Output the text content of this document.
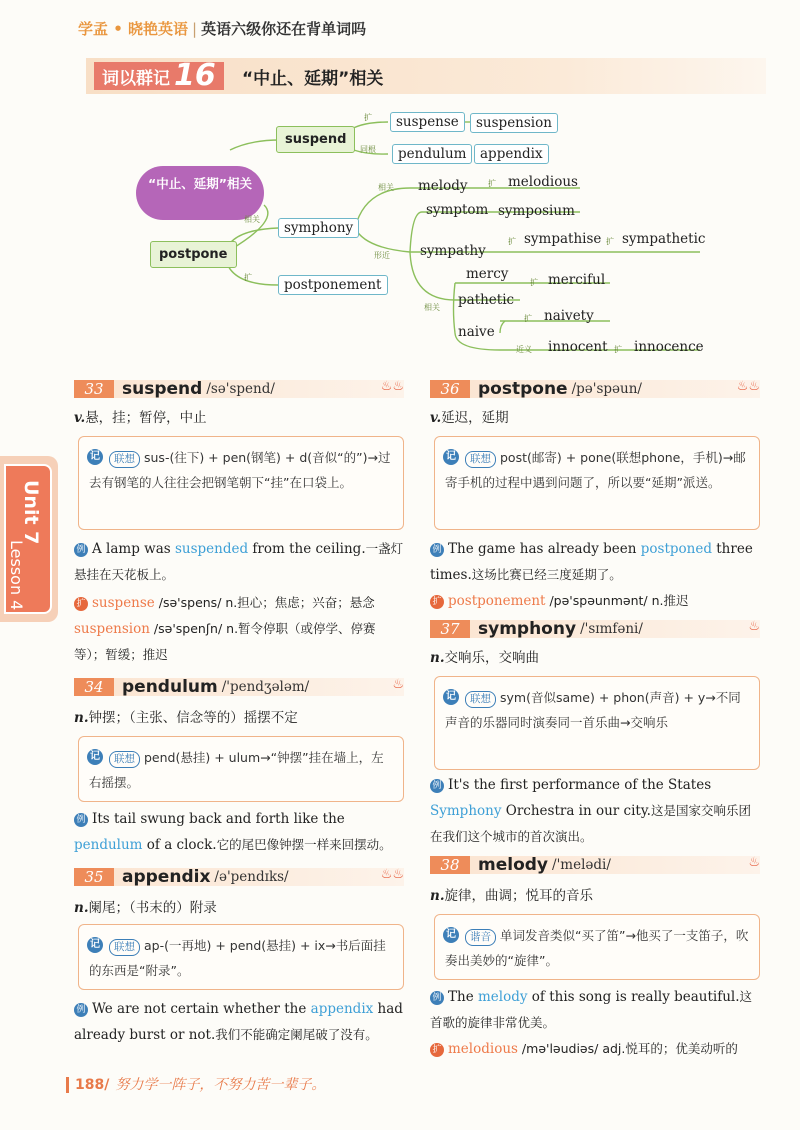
学孟 • 晓艳英语 | 英语六级你还在背单词吗
词以群记 16 “中止、延期”相关
“中止、延期”相关
suspend
postpone
扩
同根
suspense	suspension
pendulum	appendix
相关
扩
symphony
postponement
相关
形近
melody	扩 melodious
symptom symposium
sympathy
扩 sympathise 扩 sympathetic
mercy
扩 merciful
相关 pathetic
naive
扩 naivety
近义 innocent 扩 innocence
Unit 7
Lesson 4
33	suspend /sə'spend/	♨♨
v.悬，挂；暂停，中止
记 联想 sus-(往下) + pen(钢笔) + d(音似“的”)→过去有钢笔的人往往会把钢笔朝下“挂”在口袋上。
例 A lamp was suspended from the ceiling.一盏灯悬挂在天花板上。
扩 suspense /sə'spens/ n.担心；焦虑；兴奋；悬念
suspension /sə'spenʃn/ n.暂令停职（或停学、停赛等）；暂缓；推迟
34	pendulum /'pendʒələm/	♨
n.钟摆；（主张、信念等的）摇摆不定
记 联想 pend(悬挂) + ulum→“钟摆”挂在墙上，左右摇摆。
例 Its tail swung back and forth like the pendulum of a clock.它的尾巴像钟摆一样来回摆动。
35	appendix /ə'pendɪks/	♨♨
n.阑尾；（书末的）附录
记 联想 ap-(一再地) + pend(悬挂) + ix→书后面挂的东西是“附录”。
例 We are not certain whether the appendix had already burst or not.我们不能确定阑尾破了没有。
36	postpone /pə'spəun/	♨♨
v.延迟，延期
记 联想 post(邮寄) + pone(联想phone，手机)→邮寄手机的过程中遇到问题了，所以要“延期”派送。
例 The game has already been postponed three times.这场比赛已经三度延期了。
扩 postponement /pə'spəunmənt/ n.推迟
37	symphony /'sɪmfəni/	♨
n.交响乐，交响曲
记 联想 sym(音似same) + phon(声音) + y→不同声音的乐器同时演奏同一首乐曲→交响乐
例 It's the first performance of the States Symphony Orchestra in our city.这是国家交响乐团在我们这个城市的首次演出。
38	melody /'melədi/	♨
n.旋律，曲调；悦耳的音乐
记 谐音 单词发音类似“买了笛”→他买了一支笛子，吹奏出美妙的“旋律”。
例 The melody of this song is really beautiful.这首歌的旋律非常优美。
扩 melodious /mə'ləudiəs/ adj.悦耳的；优美动听的
188/ 努力学一阵子，不努力苦一辈子。
